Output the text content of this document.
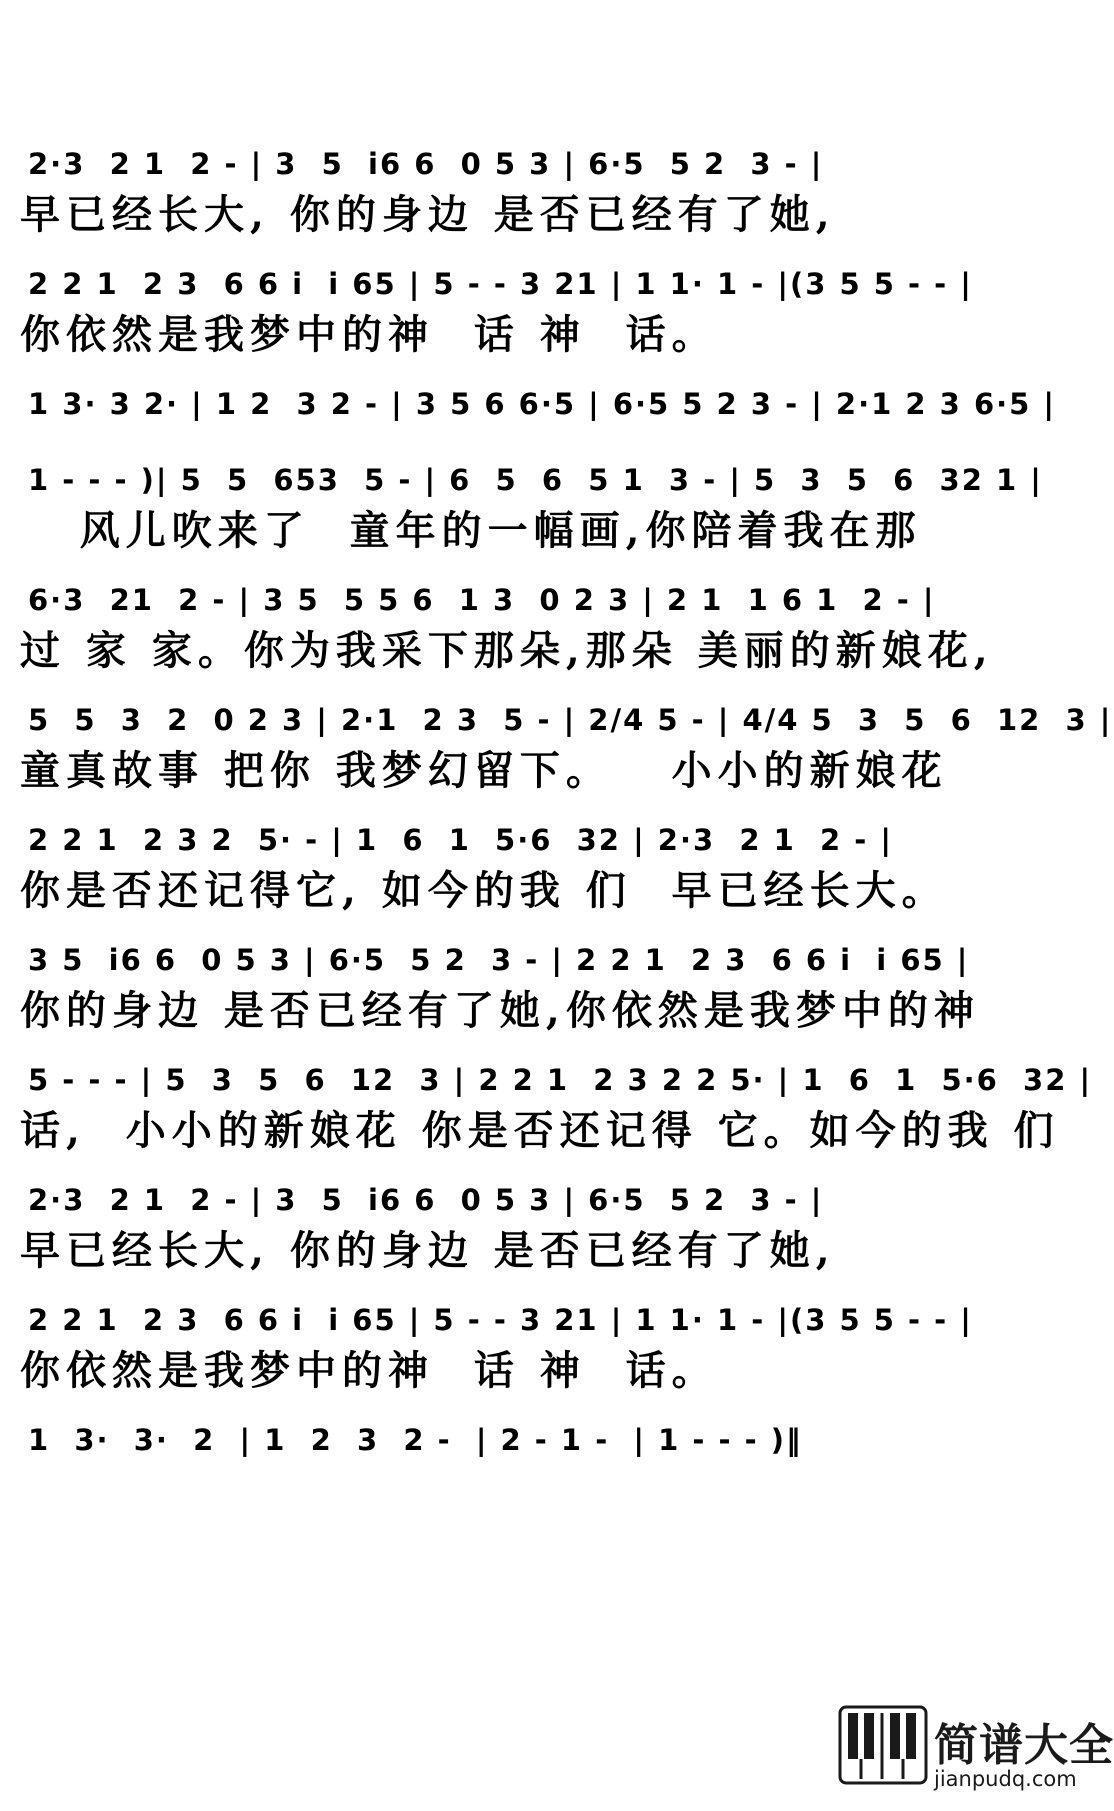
2·3  2 1  2 - | 3  5  i6 6  0 5 3 | 6·5  5 2  3 - |
早已经长大, 你的身边 是否已经有了她,
2 2 1  2 3  6 6 i  i 65 | 5 - - 3 21 | 1 1· 1 - |(3 5 5 - - |
你依然是我梦中的神  话 神  话。
1 3· 3 2· | 1 2  3 2 - | 3 5 6 6·5 | 6·5 5 2 3 - | 2·1 2 3 6·5 |
1 - - - )| 5  5  653  5 - | 6  5  6  5 1  3 - | 5  3  5  6  32 1 |
风儿吹来了  童年的一幅画,你陪着我在那
6·3  21  2 - | 3 5  5 5 6  1 3  0 2 3 | 2 1  1 6 1  2 - |
过 家 家。你为我采下那朵,那朵 美丽的新娘花,
5  5  3  2  0 2 3 | 2·1  2 3  5 - | 2/4 5 - | 4/4 5  3  5  6  12  3 |
童真故事 把你 我梦幻留下。   小小的新娘花
2 2 1  2 3 2  5· - | 1  6  1  5·6  32 | 2·3  2 1  2 - |
你是否还记得它, 如今的我 们  早已经长大。
3 5  i6 6  0 5 3 | 6·5  5 2  3 - | 2 2 1  2 3  6 6 i  i 65 |
你的身边 是否已经有了她,你依然是我梦中的神
5 - - - | 5  3  5  6  12  3 | 2 2 1  2 3 2 2 5· | 1  6  1  5·6  32 |
话,  小小的新娘花 你是否还记得 它。如今的我 们
2·3  2 1  2 - | 3  5  i6 6  0 5 3 | 6·5  5 2  3 - |
早已经长大, 你的身边 是否已经有了她,
2 2 1  2 3  6 6 i  i 65 | 5 - - 3 21 | 1 1· 1 - |(3 5 5 - - |
你依然是我梦中的神  话 神  话。
1  3·  3·  2  | 1  2  3  2 -  | 2 - 1 -  | 1 - - - )‖
简谱大全
jianpudq.com
